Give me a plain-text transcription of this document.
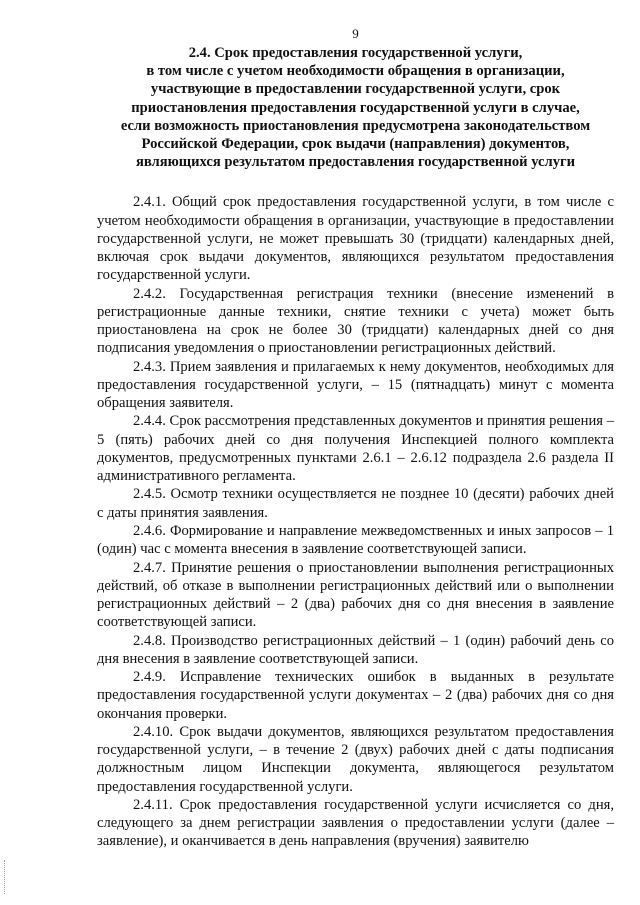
9
2.4. Срок предоставления государственной услуги,
в том числе с учетом необходимости обращения в организации,
участвующие в предоставлении государственной услуги, срок
приостановления предоставления государственной услуги в случае,
если возможность приостановления предусмотрена законодательством
Российской Федерации, срок выдачи (направления) документов,
являющихся результатом предоставления государственной услуги

2.4.1. Общий срок предоставления государственной услуги, в том числе с учетом необходимости обращения в организации, участвующие в предоставлении государственной услуги, не может превышать 30 (тридцати) календарных дней, включая срок выдачи документов, являющихся результатом предоставления государственной услуги.

2.4.2. Государственная регистрация техники (внесение изменений в регистрационные данные техники, снятие техники с учета) может быть приостановлена на срок не более 30 (тридцати) календарных дней со дня подписания уведомления о приостановлении регистрационных действий.

2.4.3. Прием заявления и прилагаемых к нему документов, необходимых для предоставления государственной услуги, – 15 (пятнадцать) минут с момента обращения заявителя.

2.4.4. Срок рассмотрения представленных документов и принятия решения – 5 (пять) рабочих дней со дня получения Инспекцией полного комплекта документов, предусмотренных пунктами 2.6.1 – 2.6.12 подраздела 2.6 раздела II административного регламента.

2.4.5. Осмотр техники осуществляется не позднее 10 (десяти) рабочих дней с даты принятия заявления.

2.4.6. Формирование и направление межведомственных и иных запросов – 1 (один) час с момента внесения в заявление соответствующей записи.

2.4.7. Принятие решения о приостановлении выполнения регистрационных действий, об отказе в выполнении регистрационных действий или о выполнении регистрационных действий – 2 (два) рабочих дня со дня внесения в заявление соответствующей записи.

2.4.8. Производство регистрационных действий – 1 (один) рабочий день со дня внесения в заявление соответствующей записи.

2.4.9. Исправление технических ошибок в выданных в результате предоставления государственной услуги документах – 2 (два) рабочих дня со дня окончания проверки.

2.4.10. Срок выдачи документов, являющихся результатом предоставления государственной услуги, – в течение 2 (двух) рабочих дней с даты подписания должностным лицом Инспекции документа, являющегося результатом предоставления государственной услуги.

2.4.11. Срок предоставления государственной услуги исчисляется со дня, следующего за днем регистрации заявления о предоставлении услуги (далее – заявление), и оканчивается в день направления (вручения) заявителю
